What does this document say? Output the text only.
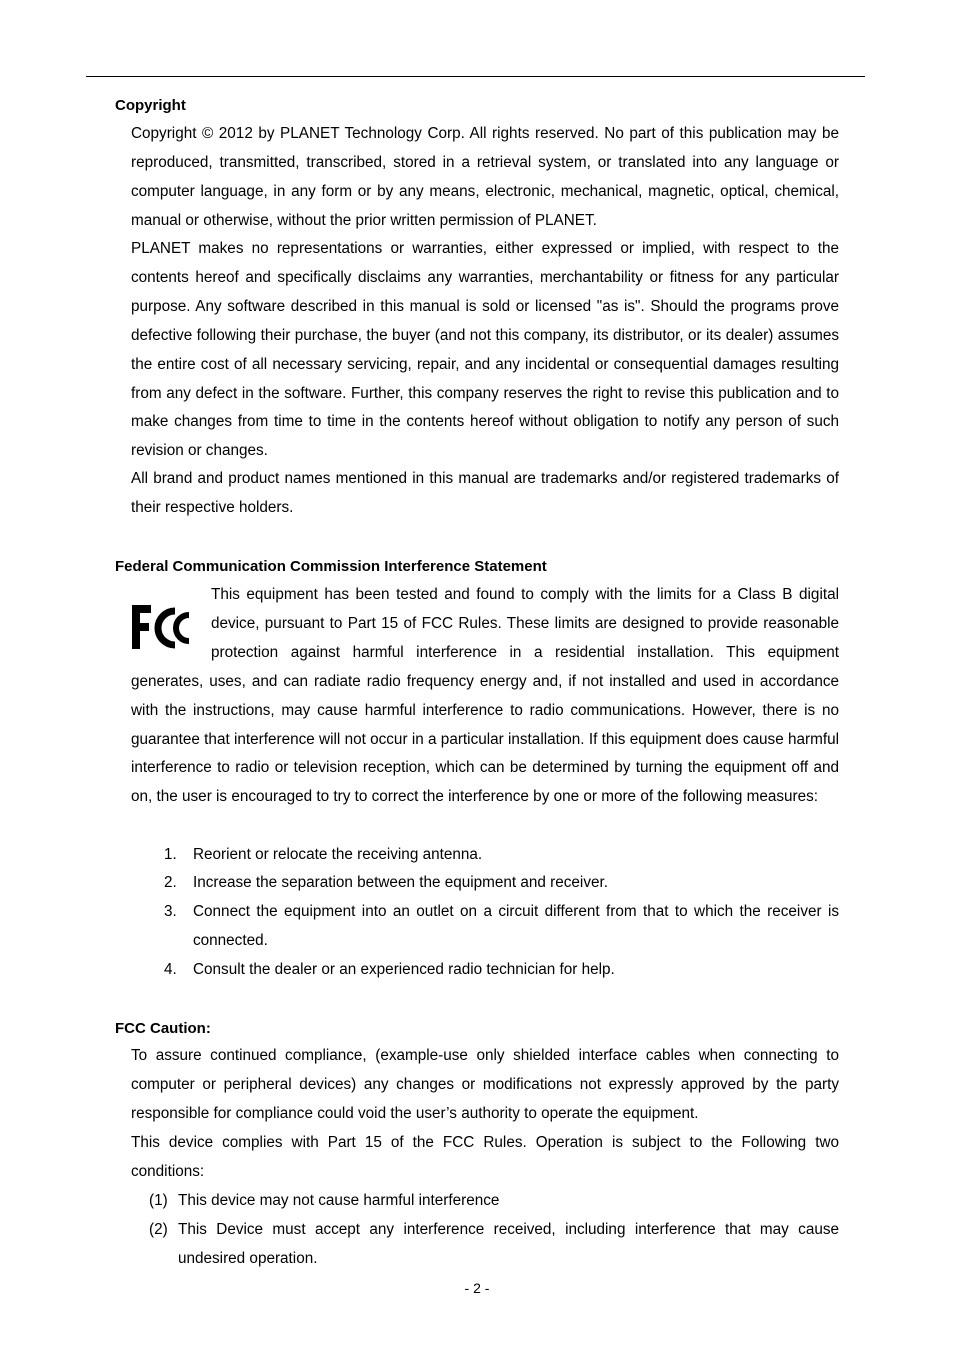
Copyright

Copyright © 2012 by PLANET Technology Corp. All rights reserved. No part of this publication may be reproduced, transmitted, transcribed, stored in a retrieval system, or translated into any language or computer language, in any form or by any means, electronic, mechanical, magnetic, optical, chemical, manual or otherwise, without the prior written permission of PLANET.

PLANET makes no representations or warranties, either expressed or implied, with respect to the contents hereof and specifically disclaims any warranties, merchantability or fitness for any particular purpose. Any software described in this manual is sold or licensed "as is". Should the programs prove defective following their purchase, the buyer (and not this company, its distributor, or its dealer) assumes the entire cost of all necessary servicing, repair, and any incidental or consequential damages resulting from any defect in the software. Further, this company reserves the right to revise this publication and to make changes from time to time in the contents hereof without obligation to notify any person of such revision or changes.

All brand and product names mentioned in this manual are trademarks and/or registered trademarks of their respective holders.

Federal Communication Commission Interference Statement
This equipment has been tested and found to comply with the limits for a Class B digital device, pursuant to Part 15 of FCC Rules. These limits are designed to provide reasonable protection against harmful interference in a residential installation. This equipment generates, uses, and can radiate radio frequency energy and, if not installed and used in accordance with the instructions, may cause harmful interference to radio communications. However, there is no guarantee that interference will not occur in a particular installation. If this equipment does cause harmful interference to radio or television reception, which can be determined by turning the equipment off and on, the user is encouraged to try to correct the interference by one or more of the following measures:
1. Reorient or relocate the receiving antenna.
2. Increase the separation between the equipment and receiver.
3. Connect the equipment into an outlet on a circuit different from that to which the receiver is connected.
4. Consult the dealer or an experienced radio technician for help.
FCC Caution:

To assure continued compliance, (example-use only shielded interface cables when connecting to computer or peripheral devices) any changes or modifications not expressly approved by the party responsible for compliance could void the user’s authority to operate the equipment.

This device complies with Part 15 of the FCC Rules. Operation is subject to the Following two conditions:

(1) This device may not cause harmful interference
(2) This Device must accept any interference received, including interference that may cause undesired operation.
- 2 -
